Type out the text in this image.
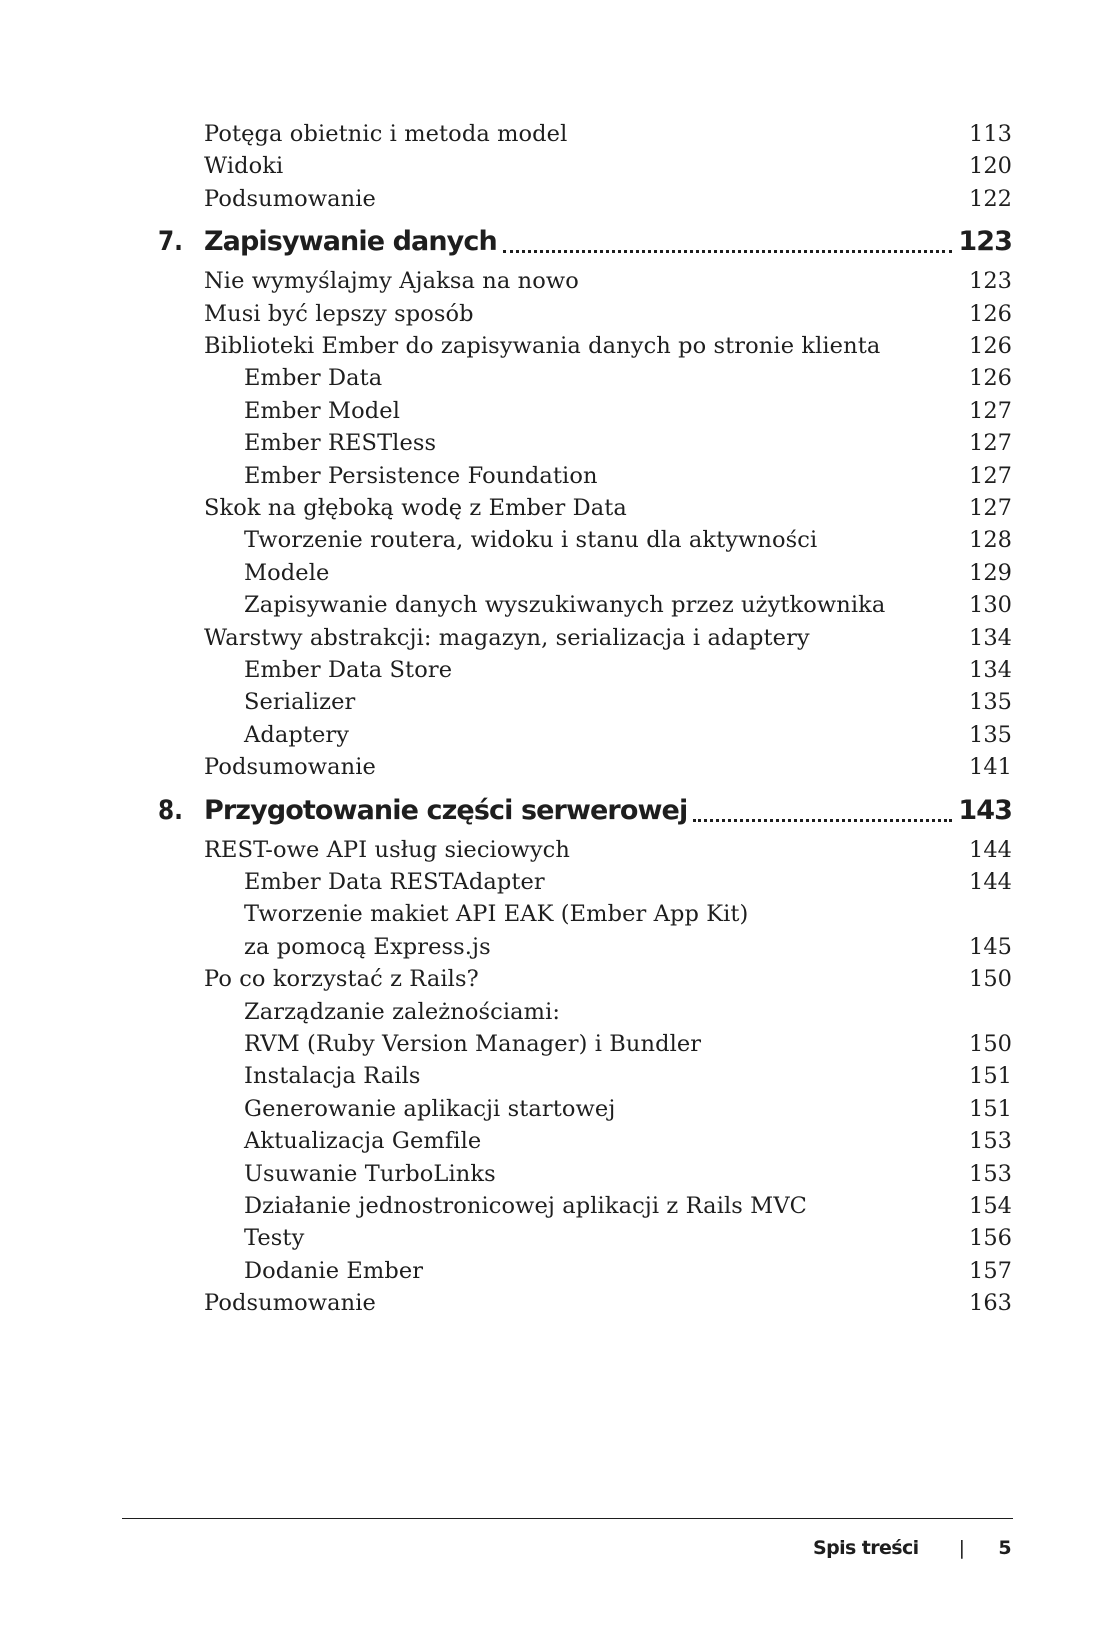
Potęga obietnic i metoda model	113
Widoki	120
Podsumowanie	122
7. Zapisywanie danych	123
Nie wymyślajmy Ajaksa na nowo	123
Musi być lepszy sposób	126
Biblioteki Ember do zapisywania danych po stronie klienta	126
Ember Data	126
Ember Model	127
Ember RESTless	127
Ember Persistence Foundation	127
Skok na głęboką wodę z Ember Data	127
Tworzenie routera, widoku i stanu dla aktywności	128
Modele	129
Zapisywanie danych wyszukiwanych przez użytkownika	130
Warstwy abstrakcji: magazyn, serializacja i adaptery	134
Ember Data Store	134
Serializer	135
Adaptery	135
Podsumowanie	141
8. Przygotowanie części serwerowej	143
REST-owe API usług sieciowych	144
Ember Data RESTAdapter	144
Tworzenie makiet API EAK (Ember App Kit)
za pomocą Express.js	145
Po co korzystać z Rails?	150
Zarządzanie zależnościami:
RVM (Ruby Version Manager) i Bundler	150
Instalacja Rails	151
Generowanie aplikacji startowej	151
Aktualizacja Gemfile	153
Usuwanie TurboLinks	153
Działanie jednostronicowej aplikacji z Rails MVC	154
Testy	156
Dodanie Ember	157
Podsumowanie	163
Spis treści | 5
